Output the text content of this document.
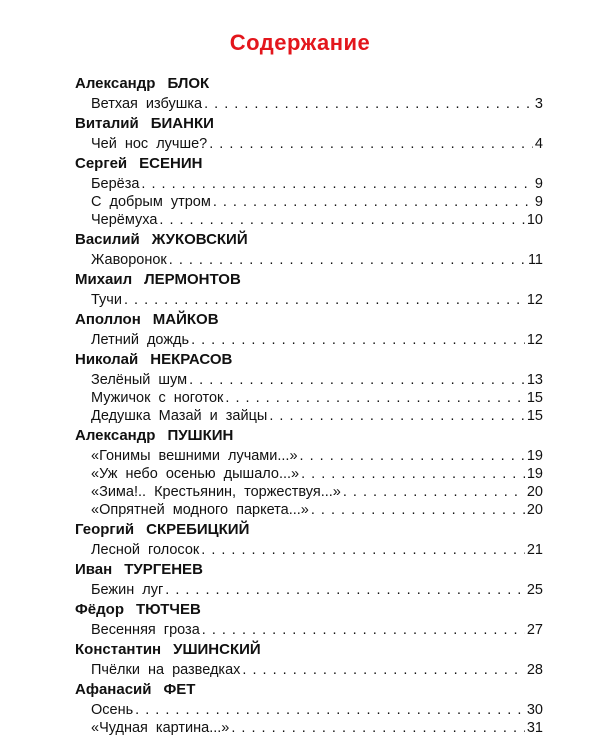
Содержание
Александр БЛОК
Ветхая избушка . . .	3
Виталий БИАНКИ
Чей нос лучше? . . .	4
Сергей ЕСЕНИН
Берёза . . .	9
С добрым утром . . .	9
Черёмуха . . .	10
Василий ЖУКОВСКИЙ
Жаворонок . . .	11
Михаил ЛЕРМОНТОВ
Тучи . . .	12
Аполлон МАЙКОВ
Летний дождь . . .	12
Николай НЕКРАСОВ
Зелёный шум . . .	13
Мужичок с ноготок . . .	15
Дедушка Мазай и зайцы . . .	15
Александр ПУШКИН
«Гонимы вешними лучами...» . . .	19
«Уж небо осенью дышало...» . . .	19
«Зима!.. Крестьянин, торжествуя...» . . .	20
«Опрятней модного паркета...» . . .	20
Георгий СКРЕБИЦКИЙ
Лесной голосок . . .	21
Иван ТУРГЕНЕВ
Бежин луг . . .	25
Фёдор ТЮТЧЕВ
Весенняя гроза . . .	27
Константин УШИНСКИЙ
Пчёлки на разведках . . .	28
Афанасий ФЕТ
Осень . . .	30
«Чудная картина...» . . .	31
